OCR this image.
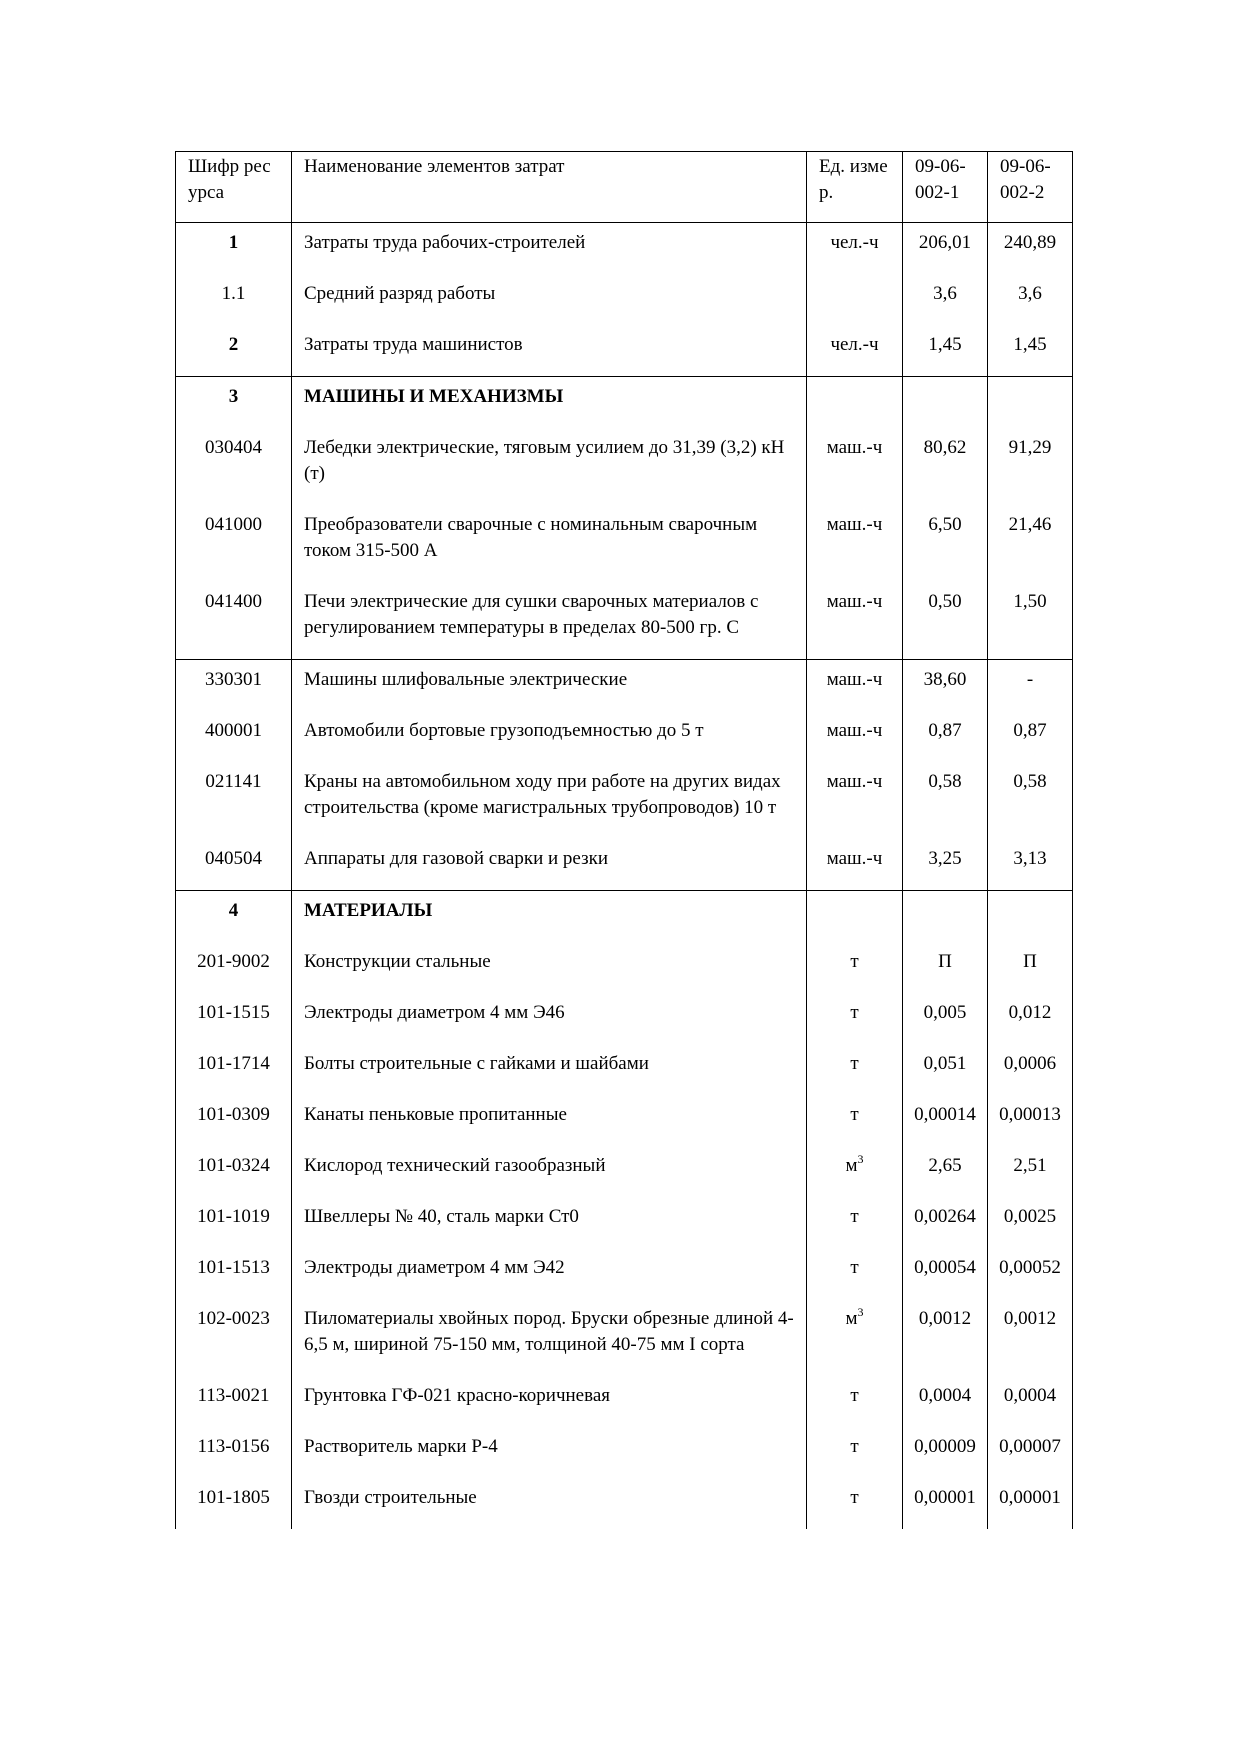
Шифр ресурса	Наименование элементов затрат	Ед. измер.	09-06-002-1	09-06-002-2
1	Затраты труда рабочих-строителей	чел.-ч	206,01	240,89
1.1	Средний разряд работы		3,6	3,6
2	Затраты труда машинистов	чел.-ч	1,45	1,45
3	МАШИНЫ И МЕХАНИЗМЫ			
030404	Лебедки электрические, тяговым усилием до 31,39 (3,2) кН (т)	маш.-ч	80,62	91,29
041000	Преобразователи сварочные с номинальным сварочным током 315-500 А	маш.-ч	6,50	21,46
041400	Печи электрические для сушки сварочных материалов с регулированием температуры в пределах 80-500 гр. С	маш.-ч	0,50	1,50
330301	Машины шлифовальные электрические	маш.-ч	38,60	-
400001	Автомобили бортовые грузоподъемностью до 5 т	маш.-ч	0,87	0,87
021141	Краны на автомобильном ходу при работе на других видах строительства (кроме магистральных трубопроводов) 10 т	маш.-ч	0,58	0,58
040504	Аппараты для газовой сварки и резки	маш.-ч	3,25	3,13
4	МАТЕРИАЛЫ			
201-9002	Конструкции стальные	т	П	П
101-1515	Электроды диаметром 4 мм Э46	т	0,005	0,012
101-1714	Болты строительные с гайками и шайбами	т	0,051	0,0006
101-0309	Канаты пеньковые пропитанные	т	0,00014	0,00013
101-0324	Кислород технический газообразный	$м^3$	2,65	2,51
101-1019	Швеллеры № 40, сталь марки Ст0	т	0,00264	0,0025
101-1513	Электроды диаметром 4 мм Э42	т	0,00054	0,00052
102-0023	Пиломатериалы хвойных пород. Бруски обрезные длиной 4-6,5 м, шириной 75-150 мм, толщиной 40-75 мм I сорта	$м^3$	0,0012	0,0012
113-0021	Грунтовка ГФ-021 красно-коричневая	т	0,0004	0,0004
113-0156	Растворитель марки Р-4	т	0,00009	0,00007
101-1805	Гвозди строительные	т	0,00001	0,00001
